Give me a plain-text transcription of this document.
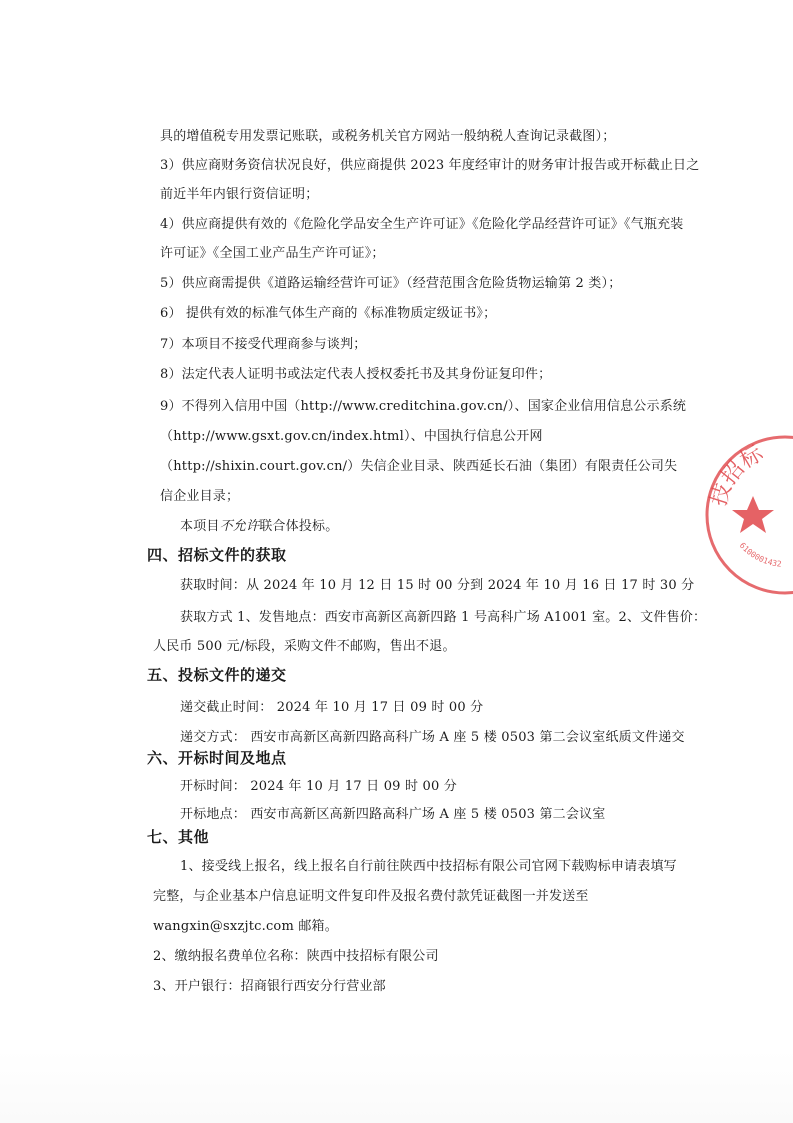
具的增值税专用发票记账联，或税务机关官方网站一般纳税人查询记录截图）；
3）供应商财务资信状况良好，供应商提供 2023 年度经审计的财务审计报告或开标截止日之
前近半年内银行资信证明；
4）供应商提供有效的《危险化学品安全生产许可证》《危险化学品经营许可证》《气瓶充装
许可证》《全国工业产品生产许可证》；
5）供应商需提供《道路运输经营许可证》（经营范围含危险货物运输第 2 类）；
6） 提供有效的标准气体生产商的《标准物质定级证书》；
7）本项目不接受代理商参与谈判；
8）法定代表人证明书或法定代表人授权委托书及其身份证复印件；
9）不得列入信用中国（http://www.creditchina.gov.cn/）、国家企业信用信息公示系统
（http://www.gsxt.gov.cn/index.html）、中国执行信息公开网
（http://shixin.court.gov.cn/）失信企业目录、陕西延长石油（集团）有限责任公司失
信企业目录；
本项目不允许联合体投标。
四、招标文件的获取
获取时间：从 2024 年 10 月 12 日 15 时 00 分到 2024 年 10 月 16 日 17 时 30 分
获取方式 1、发售地点：西安市高新区高新四路 1 号高科广场 A1001 室。2、文件售价：
人民币 500 元/标段，采购文件不邮购，售出不退。
五、投标文件的递交
递交截止时间： 2024 年 10 月 17 日 09 时 00 分
递交方式： 西安市高新区高新四路高科广场 A 座 5 楼 0503 第二会议室纸质文件递交
六、开标时间及地点
开标时间： 2024 年 10 月 17 日 09 时 00 分
开标地点： 西安市高新区高新四路高科广场 A 座 5 楼 0503 第二会议室
七、其他
1、接受线上报名，线上报名自行前往陕西中技招标有限公司官网下载购标申请表填写
完整，与企业基本户信息证明文件复印件及报名费付款凭证截图一并发送至
wangxin@sxzjtc.com 邮箱。
2、缴纳报名费单位名称：陕西中技招标有限公司
3、开户银行：招商银行西安分行营业部
技招标
6100001432
